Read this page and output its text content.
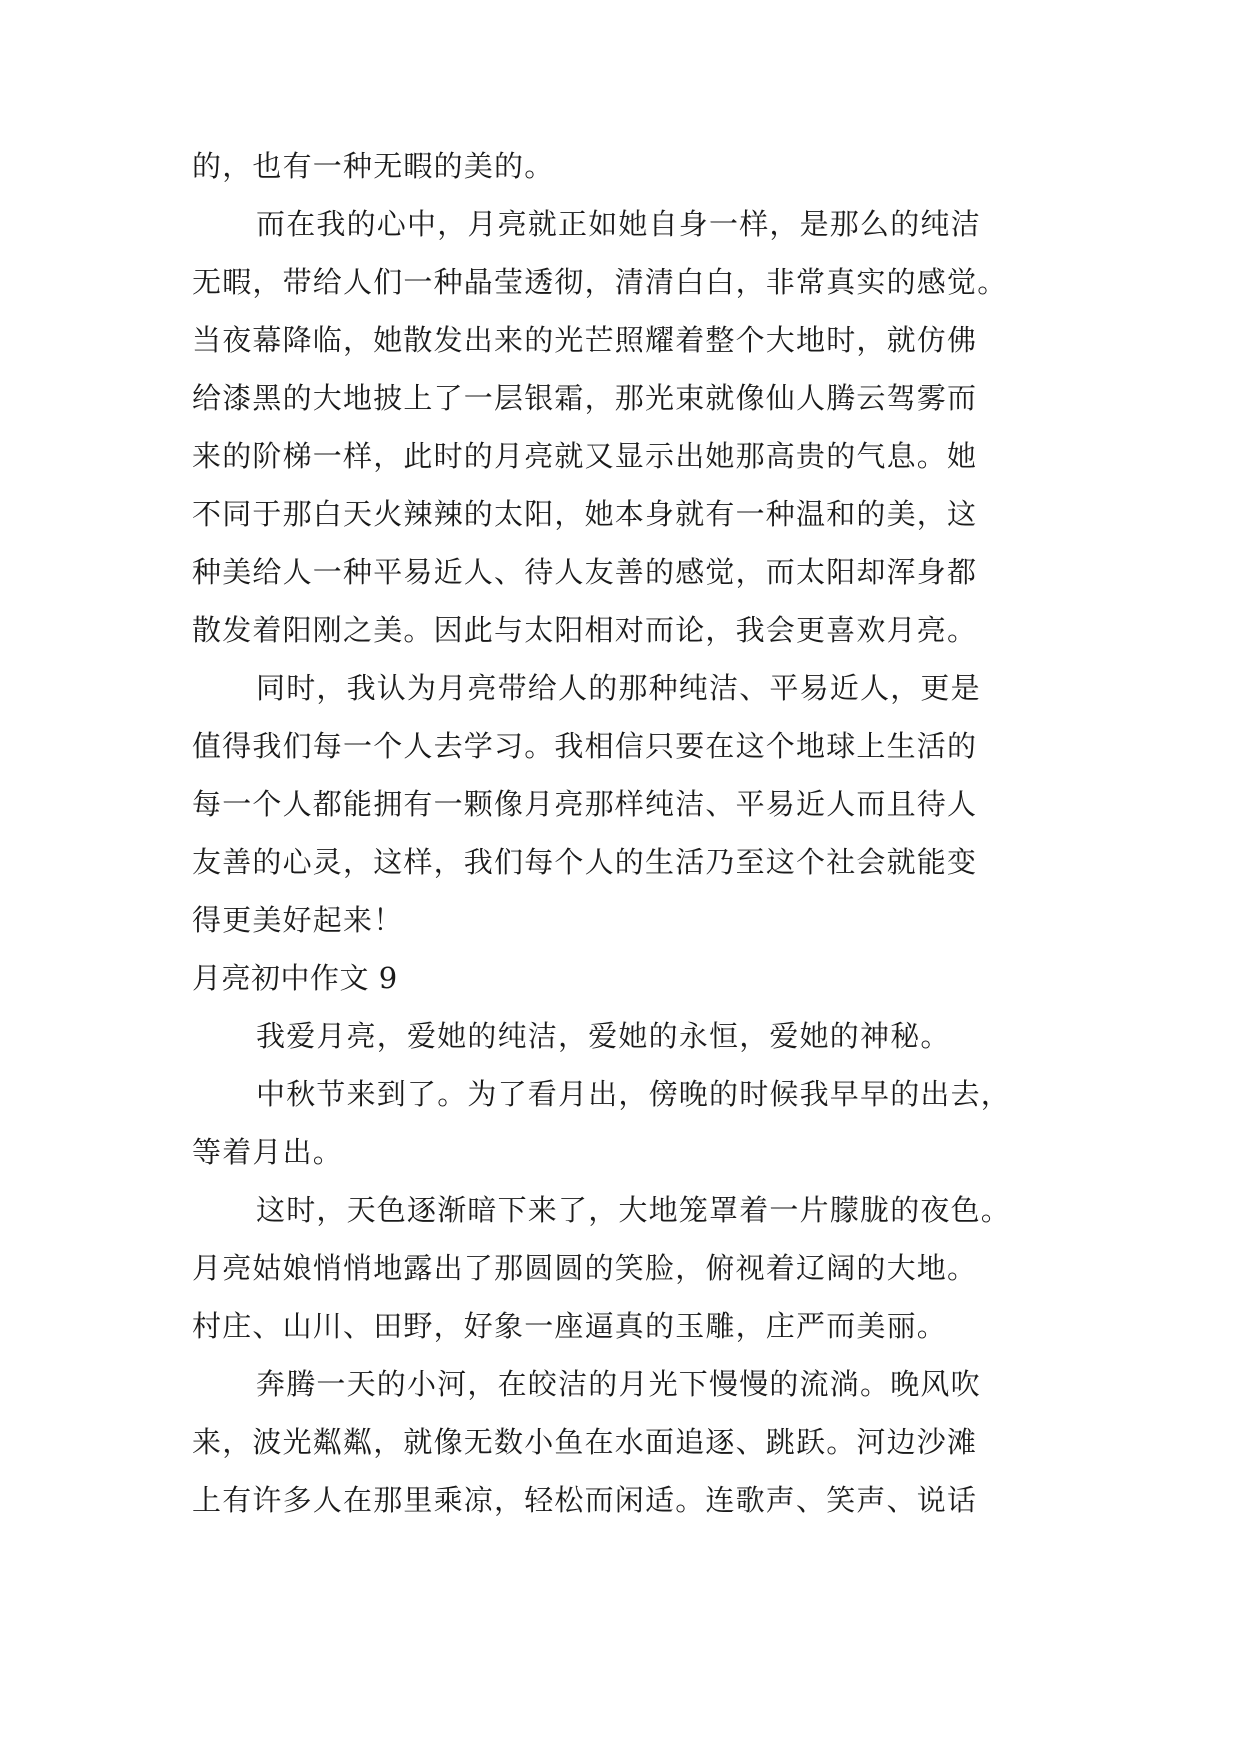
的，也有一种无暇的美的。
而在我的心中，月亮就正如她自身一样，是那么的纯洁
无暇，带给人们一种晶莹透彻，清清白白，非常真实的感觉。
当夜幕降临，她散发出来的光芒照耀着整个大地时，就仿佛
给漆黑的大地披上了一层银霜，那光束就像仙人腾云驾雾而
来的阶梯一样，此时的月亮就又显示出她那高贵的气息。她
不同于那白天火辣辣的太阳，她本身就有一种温和的美，这
种美给人一种平易近人、待人友善的感觉，而太阳却浑身都
散发着阳刚之美。因此与太阳相对而论，我会更喜欢月亮。
同时，我认为月亮带给人的那种纯洁、平易近人，更是
值得我们每一个人去学习。我相信只要在这个地球上生活的
每一个人都能拥有一颗像月亮那样纯洁、平易近人而且待人
友善的心灵，这样，我们每个人的生活乃至这个社会就能变
得更美好起来！
月亮初中作文 9
我爱月亮，爱她的纯洁，爱她的永恒，爱她的神秘。
中秋节来到了。为了看月出，傍晚的时候我早早的出去，
等着月出。
这时，天色逐渐暗下来了，大地笼罩着一片朦胧的夜色。
月亮姑娘悄悄地露出了那圆圆的笑脸，俯视着辽阔的大地。
村庄、山川、田野，好象一座逼真的玉雕，庄严而美丽。
奔腾一天的小河，在皎洁的月光下慢慢的流淌。晚风吹
来，波光粼粼，就像无数小鱼在水面追逐、跳跃。河边沙滩
上有许多人在那里乘凉，轻松而闲适。连歌声、笑声、说话
